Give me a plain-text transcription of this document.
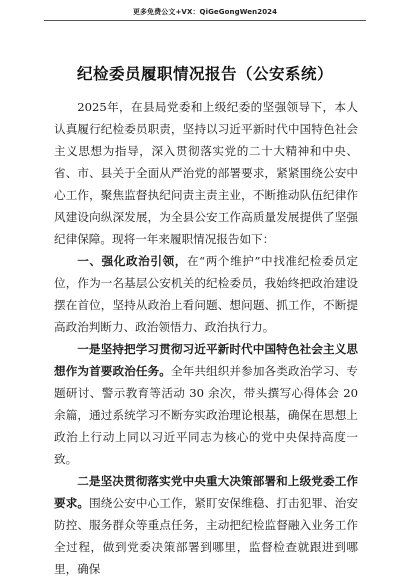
更多免费公文+VX：QiGeGongWen2024
纪检委员履职情况报告（公安系统）

2025年，在县局党委和上级纪委的坚强领导下，本人认真履行纪检委员职责，坚持以习近平新时代中国特色社会主义思想为指导，深入贯彻落实党的二十大精神和中央、省、市、县关于全面从严治党的部署要求，紧紧围绕公安中心工作，聚焦监督执纪问责主责主业，不断推动队伍纪律作风建设向纵深发展，为全县公安工作高质量发展提供了坚强纪律保障。现将一年来履职情况报告如下：

一、强化政治引领，在“两个维护”中找准纪检委员定位，作为一名基层公安机关的纪检委员，我始终把政治建设摆在首位，坚持从政治上看问题、想问题、抓工作，不断提高政治判断力、政治领悟力、政治执行力。

一是坚持把学习贯彻习近平新时代中国特色社会主义思想作为首要政治任务。全年共组织并参加各类政治学习、专题研讨、警示教育等活动 30 余次，带头撰写心得体会 20 余篇，通过系统学习不断夯实政治理论根基，确保在思想上政治上行动上同以习近平同志为核心的党中央保持高度一致。

二是坚决贯彻落实党中央重大决策部署和上级党委工作要求。围绕公安中心工作，紧盯安保维稳、打击犯罪、治安防控、服务群众等重点任务，主动把纪检监督融入业务工作全过程，做到党委决策部署到哪里，监督检查就跟进到哪里，确保
